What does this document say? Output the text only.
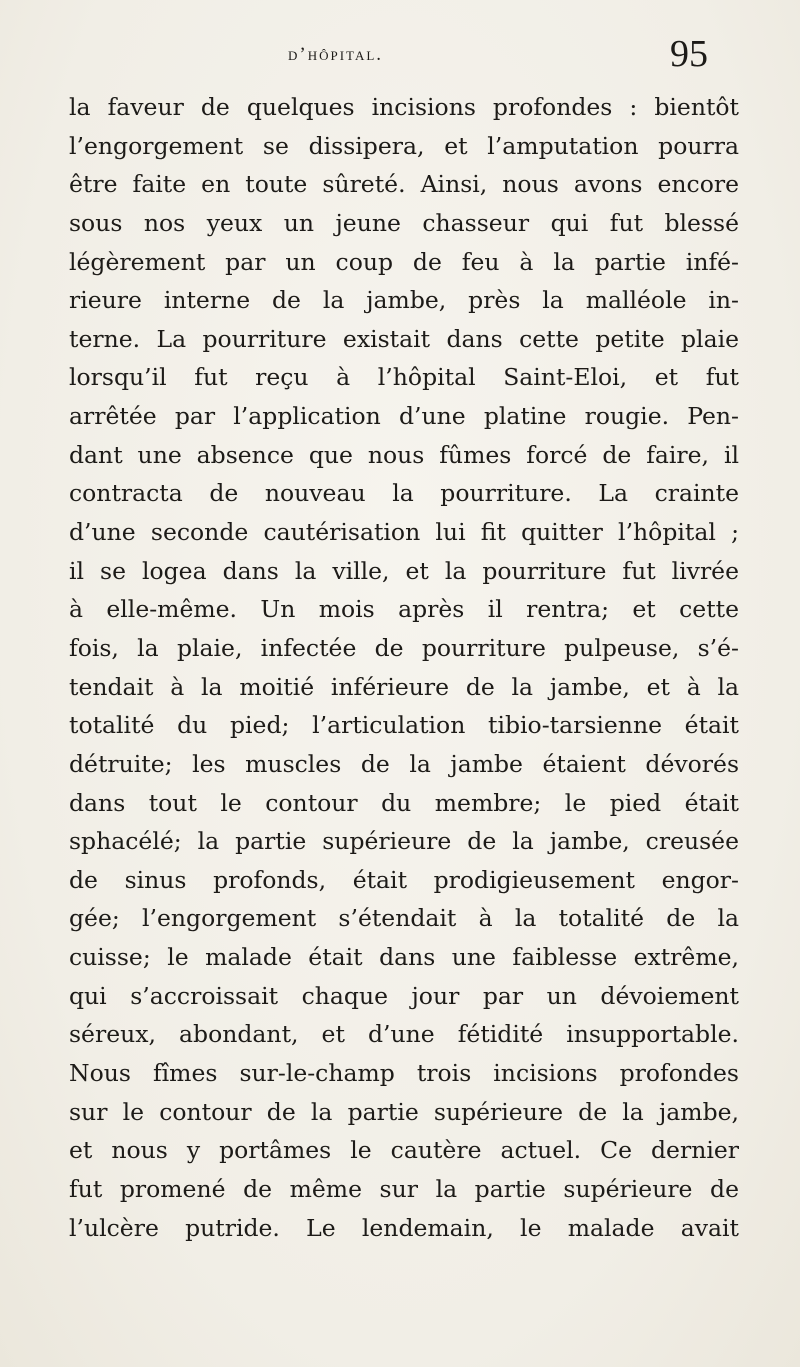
d’hôpital.	95
la faveur de quelques incisions profondes : bientôt
l’engorgement se dissipera, et l’amputation pourra
être faite en toute sûreté. Ainsi, nous avons encore
sous nos yeux un jeune chasseur qui fut blessé
légèrement par un coup de feu à la partie infé-
rieure interne de la jambe, près la malléole in-
terne. La pourriture existait dans cette petite plaie
lorsqu’il fut reçu à l’hôpital Saint-Eloi, et fut
arrêtée par l’application d’une platine rougie. Pen-
dant une absence que nous fûmes forcé de faire, il
contracta de nouveau la pourriture. La crainte
d’une seconde cautérisation lui fit quitter l’hôpital ;
il se logea dans la ville, et la pourriture fut livrée
à elle-même. Un mois après il rentra; et cette
fois, la plaie, infectée de pourriture pulpeuse, s’é-
tendait à la moitié inférieure de la jambe, et à la
totalité du pied; l’articulation tibio-tarsienne était
détruite; les muscles de la jambe étaient dévorés
dans tout le contour du membre; le pied était
sphacélé; la partie supérieure de la jambe, creusée
de sinus profonds, était prodigieusement engor-
gée; l’engorgement s’étendait à la totalité de la
cuisse; le malade était dans une faiblesse extrême,
qui s’accroissait chaque jour par un dévoiement
séreux, abondant, et d’une fétidité insupportable.
Nous fîmes sur-le-champ trois incisions profondes
sur le contour de la partie supérieure de la jambe,
et nous y portâmes le cautère actuel. Ce dernier
fut promené de même sur la partie supérieure de
l’ulcère putride. Le lendemain, le malade avait
